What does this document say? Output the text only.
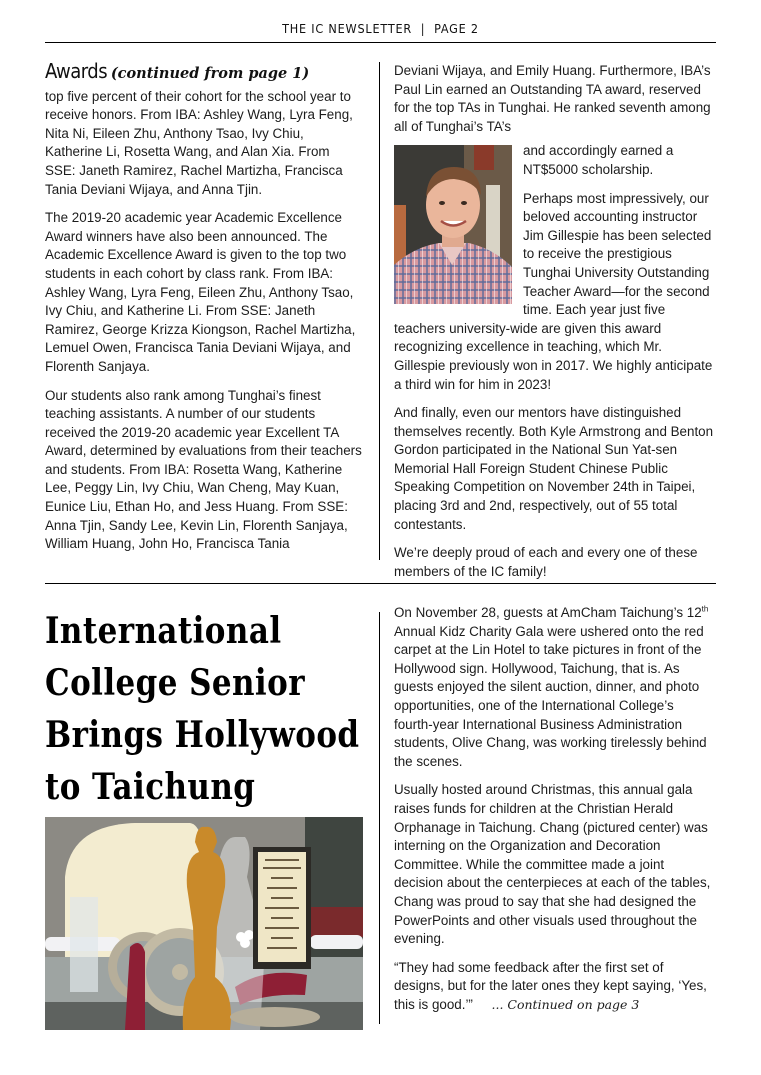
THE IC NEWSLETTER  |  PAGE 2
Awards (continued from page 1)

top five percent of their cohort for the school year to receive honors. From IBA: Ashley Wang, Lyra Feng, Nita Ni, Eileen Zhu, Anthony Tsao, Ivy Chiu, Katherine Li, Rosetta Wang, and Alan Xia. From SSE: Janeth Ramirez, Rachel Martizha, Francisca Tania Deviani Wijaya, and Anna Tjin.

The 2019-20 academic year Academic Excellence Award winners have also been announced. The Academic Excellence Award is given to the top two students in each cohort by class rank. From IBA: Ashley Wang, Lyra Feng, Eileen Zhu, Anthony Tsao, Ivy Chiu, and Katherine Li. From SSE: Janeth Ramirez, George Krizza Kiongson, Rachel Martizha, Lemuel Owen, Francisca Tania Deviani Wijaya, and Florenth Sanjaya.

Our students also rank among Tunghai’s finest teaching assistants. A number of our students received the 2019-20 academic year Excellent TA Award, determined by evaluations from their teachers and students. From IBA: Rosetta Wang, Katherine Lee, Peggy Lin, Ivy Chiu, Wan Cheng, May Kuan, Eunice Liu, Ethan Ho, and Jess Huang. From SSE: Anna Tjin, Sandy Lee, Kevin Lin, Florenth Sanjaya, William Huang, John Ho, Francisca Tania

Deviani Wijaya, and Emily Huang. Furthermore, IBA’s Paul Lin earned an Outstanding TA award, reserved for the top TAs in Tunghai. He ranked seventh among all of Tunghai’s TA’s

and accordingly earned a NT$5000 scholarship.

Perhaps most impressively, our beloved accounting instructor Jim Gillespie has been selected to receive the prestigious Tunghai University Outstanding Teacher Award—for the second time. Each year just five teachers university-wide are given this award recognizing excellence in teaching, which Mr. Gillespie previously won in 2017. We highly anticipate a third win for him in 2023!

And finally, even our mentors have distinguished themselves recently. Both Kyle Armstrong and Benton Gordon participated in the National Sun Yat-sen Memorial Hall Foreign Student Chinese Public Speaking Competition on November 24th in Taipei, placing 3rd and 2nd, respectively, out of 55 total contestants.

We’re deeply proud of each and every one of these members of the IC family!

International
College Senior
Brings Hollywood
to Taichung

On November 28, guests at AmCham Taichung’s 12th Annual Kidz Charity Gala were ushered onto the red carpet at the Lin Hotel to take pictures in front of the Hollywood sign. Hollywood, Taichung, that is. As guests enjoyed the silent auction, dinner, and photo opportunities, one of the International College’s fourth-year International Business Administration students, Olive Chang, was working tirelessly behind the scenes.

Usually hosted around Christmas, this annual gala raises funds for children at the Christian Herald Orphanage in Taichung. Chang (pictured center) was interning on the Organization and Decoration Committee. While the committee made a joint decision about the centerpieces at each of the tables, Chang was proud to say that she had designed the PowerPoints and other visuals used throughout the evening.

“They had some feedback after the first set of designs, but for the later ones they kept saying, ‘Yes, this is good.’” ... Continued on page 3
